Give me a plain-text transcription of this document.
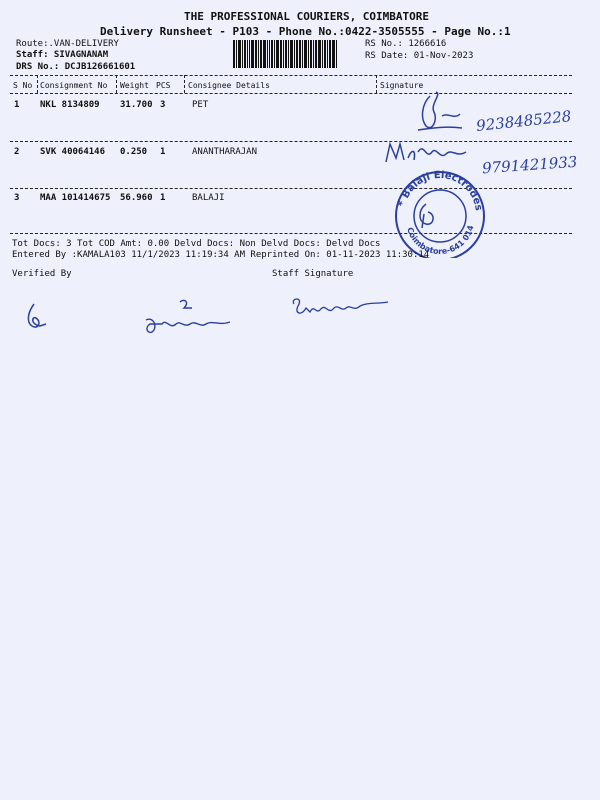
THE PROFESSIONAL COURIERS, COIMBATORE
Delivery Runsheet - P103 - Phone No.:0422-3505555 - Page No.:1
Route:.VAN-DELIVERY
Staff: SIVAGNANAM
DRS No.: DCJB126661601
RS No.: 1266616
RS Date: 01-Nov-2023
S No Consignment No Weight PCS Consignee Details	Signature
1 NKL 8134809 31.700 3	PET
2 SVK 40064146 0.250 1	ANANTHARAJAN
3 MAA 101414675 56.960 1	BALAJI
9238485228
9791421933
* Balaji Electrodes
Coimbatore-641 014
Tot Docs: 3 Tot COD Amt: 0.00 Delvd Docs: Non Delvd Docs: Delvd Docs
Entered By :KAMALA103 11/1/2023 11:19:34 AM Reprinted On: 01-11-2023 11:30:14
Verified By	Staff Signature
